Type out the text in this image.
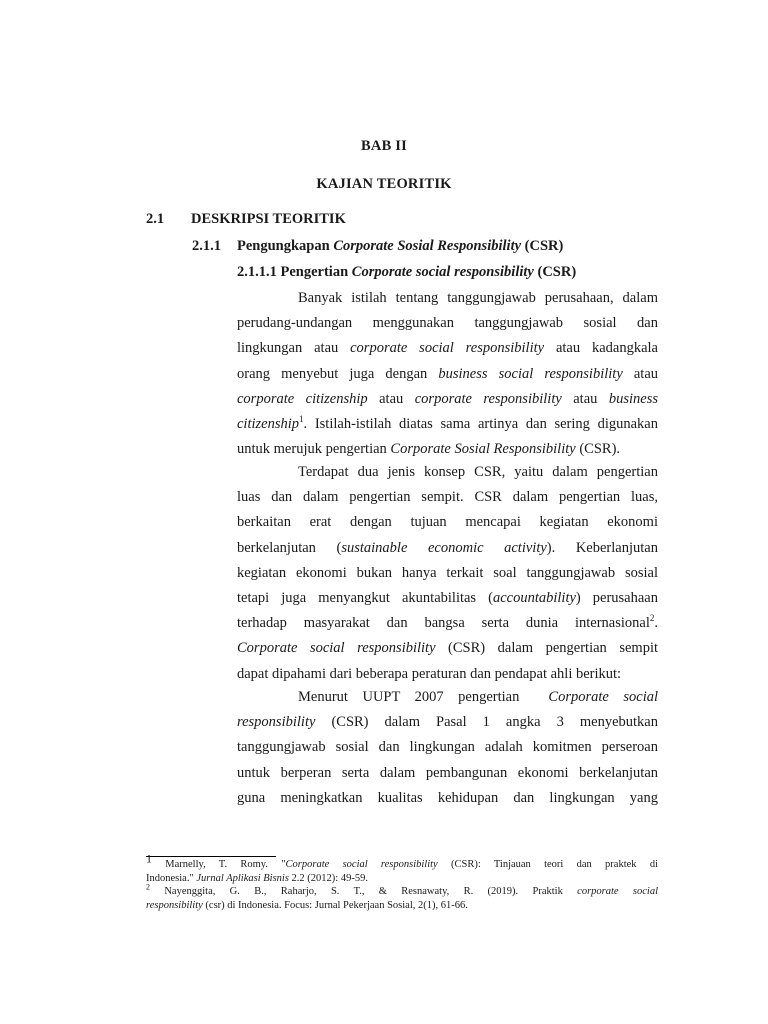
BAB II
KAJIAN TEORITIK
2.1 DESKRIPSI TEORITIK
2.1.1 Pengungkapan Corporate Sosial Responsibility (CSR)
2.1.1.1 Pengertian Corporate social responsibility (CSR)

Banyak istilah tentang tanggungjawab perusahaan, dalam
perudang-undangan menggunakan tanggungjawab sosial dan
lingkungan atau corporate social responsibility atau kadangkala
orang menyebut juga dengan business social responsibility atau
corporate citizenship atau corporate responsibility atau business
citizenship$^1$. Istilah-istilah diatas sama artinya dan sering digunakan
untuk merujuk pengertian Corporate Sosial Responsibility (CSR).

Terdapat dua jenis konsep CSR, yaitu dalam pengertian
luas dan dalam pengertian sempit. CSR dalam pengertian luas,
berkaitan erat dengan tujuan mencapai kegiatan ekonomi
berkelanjutan (sustainable economic activity). Keberlanjutan
kegiatan ekonomi bukan hanya terkait soal tanggungjawab sosial
tetapi juga menyangkut akuntabilitas (accountability) perusahaan
terhadap masyarakat dan bangsa serta dunia internasional$^2$.
Corporate social responsibility (CSR) dalam pengertian sempit
dapat dipahami dari beberapa peraturan dan pendapat ahli berikut:

Menurut UUPT 2007 pengertian  Corporate social
responsibility (CSR) dalam Pasal 1 angka 3 menyebutkan
tanggungjawab sosial dan lingkungan adalah komitmen perseroan
untuk berperan serta dalam pembangunan ekonomi berkelanjutan
guna meningkatkan kualitas kehidupan dan lingkungan yang

1 Marnelly, T. Romy. "Corporate social responsibility (CSR): Tinjauan teori dan praktek di
Indonesia." Jurnal Aplikasi Bisnis 2.2 (2012): 49-59.
$^2$ Nayenggita, G. B., Raharjo, S. T., & Resnawaty, R. (2019). Praktik corporate social
responsibility (csr) di Indonesia. Focus: Jurnal Pekerjaan Sosial, 2(1), 61-66.
